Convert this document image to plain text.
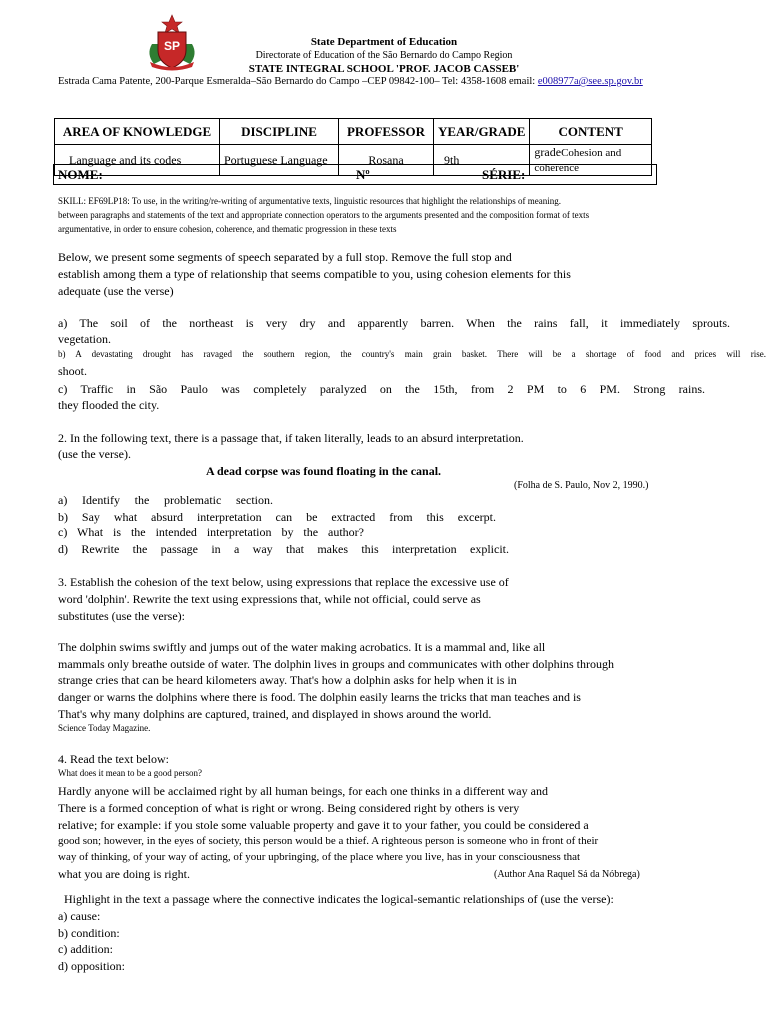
SP	State Department of Education
Directorate of Education of the São Bernardo do Campo Region
STATE INTEGRAL SCHOOL 'PROF. JACOB CASSEB'
Estrada Cama Patente, 200-Parque Esmeralda–São Bernardo do Campo –CEP 09842-100– Tel: 4358-1608 email: e008977a@see.sp.gov.br
AREA OF KNOWLEDGE	DISCIPLINE	PROFESSOR	YEAR/GRADE	CONTENT
Language and its codes	Portuguese Language	Rosana	9th	gradeCohesion and coherence
NOME:	Nº	SÉRIE:
SKILL: EF69LP18: To use, in the writing/re-writing of argumentative texts, linguistic resources that highlight the relationships of meaning.
between paragraphs and statements of the text and appropriate connection operators to the arguments presented and the composition format of texts
argumentative, in order to ensure cohesion, coherence, and thematic progression in these texts
Below, we present some segments of speech separated by a full stop. Remove the full stop and
establish among them a type of relationship that seems compatible to you, using cohesion elements for this
adequate (use the verse)
a) The soil of the northeast is very dry and apparently barren. When the rains fall, it immediately sprouts.
vegetation.
b) A devastating drought has ravaged the southern region, the country's main grain basket. There will be a shortage of food and prices will rise.
shoot.
c) Traffic in São Paulo was completely paralyzed on the 15th, from 2 PM to 6 PM. Strong rains.
they flooded the city.
2. In the following text, there is a passage that, if taken literally, leads to an absurd interpretation.
(use the verse).
A dead corpse was found floating in the canal.
(Folha de S. Paulo, Nov 2, 1990.)
a) Identify the problematic section.
b) Say what absurd interpretation can be extracted from this excerpt.
c) What is the intended interpretation by the author?
d) Rewrite the passage in a way that makes this interpretation explicit.
3. Establish the cohesion of the text below, using expressions that replace the excessive use of
word 'dolphin'. Rewrite the text using expressions that, while not official, could serve as
substitutes (use the verse):
The dolphin swims swiftly and jumps out of the water making acrobatics. It is a mammal and, like all
mammals only breathe outside of water. The dolphin lives in groups and communicates with other dolphins through
strange cries that can be heard kilometers away. That's how a dolphin asks for help when it is in
danger or warns the dolphins where there is food. The dolphin easily learns the tricks that man teaches and is
That's why many dolphins are captured, trained, and displayed in shows around the world.
Science Today Magazine.
4. Read the text below:
What does it mean to be a good person?
Hardly anyone will be acclaimed right by all human beings, for each one thinks in a different way and
There is a formed conception of what is right or wrong. Being considered right by others is very
relative; for example: if you stole some valuable property and gave it to your father, you could be considered a
good son; however, in the eyes of society, this person would be a thief. A righteous person is someone who in front of their
way of thinking, of your way of acting, of your upbringing, of the place where you live, has in your consciousness that
what you are doing is right.	(Author Ana Raquel Sá da Nóbrega)
Highlight in the text a passage where the connective indicates the logical-semantic relationships of (use the verse):
a) cause:
b) condition:
c) addition:
d) opposition:
